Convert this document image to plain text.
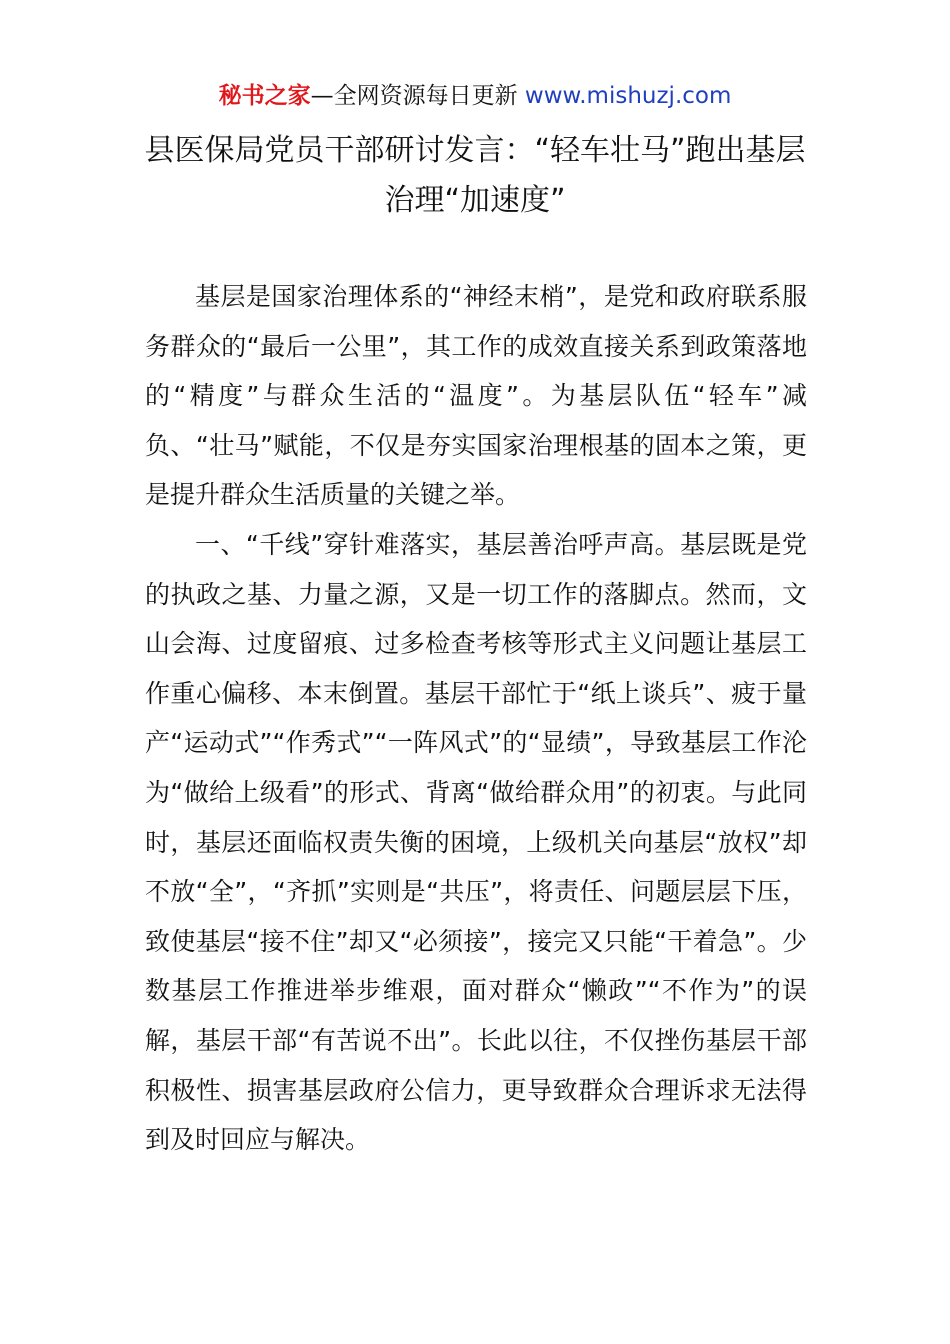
秘书之家—全网资源每日更新 www.mishuzj.com
县医保局党员干部研讨发言：“轻车壮马”跑出基层治理“加速度”

基层是国家治理体系的“神经末梢”，是党和政府联系服务群众的“最后一公里”，其工作的成效直接关系到政策落地的“精度”与群众生活的“温度”。为基层队伍“轻车”减负、“壮马”赋能，不仅是夯实国家治理根基的固本之策，更是提升群众生活质量的关键之举。

一、“千线”穿针难落实，基层善治呼声高。基层既是党的执政之基、力量之源，又是一切工作的落脚点。然而，文山会海、过度留痕、过多检查考核等形式主义问题让基层工作重心偏移、本末倒置。基层干部忙于“纸上谈兵”、疲于量产“运动式”“作秀式”“一阵风式”的“显绩”，导致基层工作沦为“做给上级看”的形式、背离“做给群众用”的初衷。与此同时，基层还面临权责失衡的困境，上级机关向基层“放权”却不放“全”，“齐抓”实则是“共压”，将责任、问题层层下压，致使基层“接不住”却又“必须接”，接完又只能“干着急”。少数基层工作推进举步维艰，面对群众“懒政”“不作为”的误解，基层干部“有苦说不出”。长此以往，不仅挫伤基层干部积极性、损害基层政府公信力，更导致群众合理诉求无法得到及时回应与解决。
